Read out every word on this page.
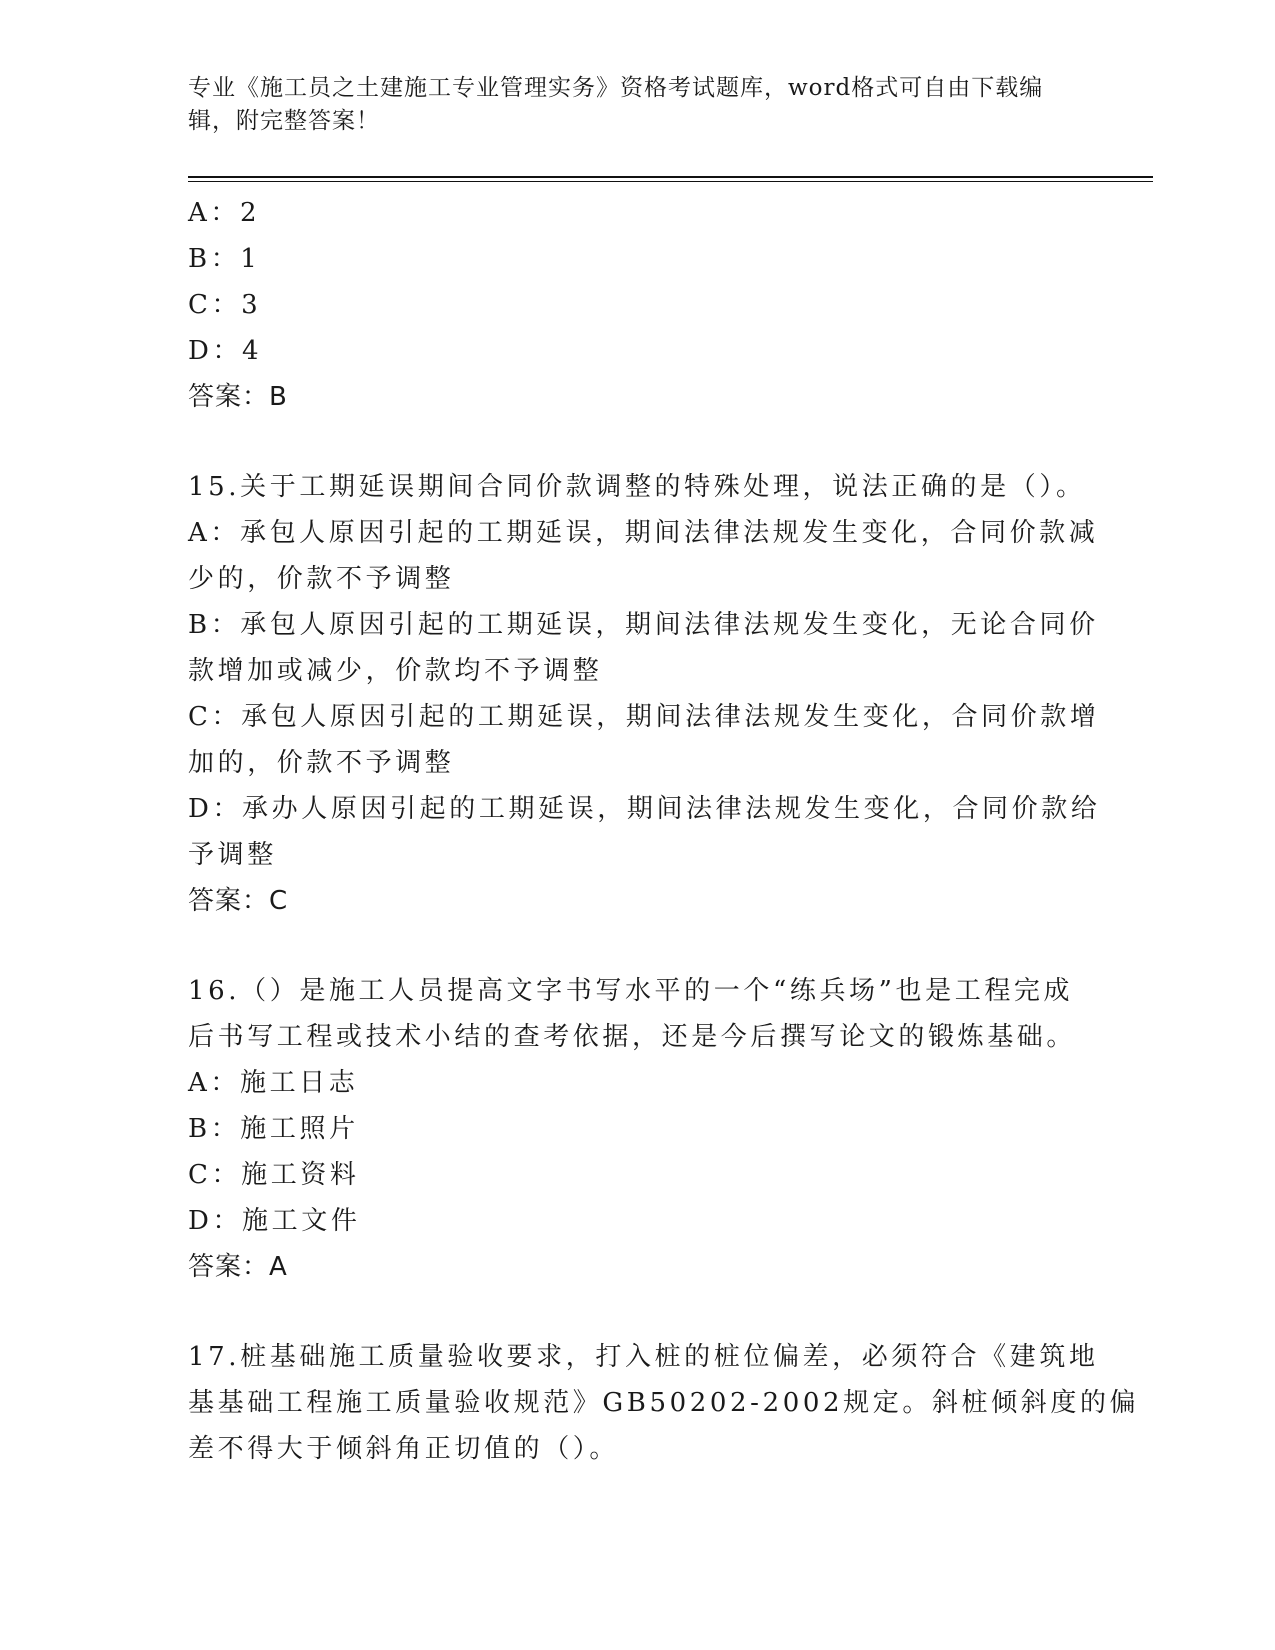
专业《施工员之土建施工专业管理实务》资格考试题库，word格式可自由下载编辑，附完整答案！
A：2
B：1
C：3
D：4
答案：B
15.关于工期延误期间合同价款调整的特殊处理，说法正确的是（）。
A：承包人原因引起的工期延误，期间法律法规发生变化，合同价款减
少的，价款不予调整
B：承包人原因引起的工期延误，期间法律法规发生变化，无论合同价
款增加或减少，价款均不予调整
C：承包人原因引起的工期延误，期间法律法规发生变化，合同价款增
加的，价款不予调整
D：承办人原因引起的工期延误，期间法律法规发生变化，合同价款给
予调整
答案：C
16.（）是施工人员提高文字书写水平的一个“练兵场”也是工程完成
后书写工程或技术小结的查考依据，还是今后撰写论文的锻炼基础。
A：施工日志
B：施工照片
C：施工资料
D：施工文件
答案：A
17.桩基础施工质量验收要求，打入桩的桩位偏差，必须符合《建筑地
基基础工程施工质量验收规范》GB50202-2002规定。斜桩倾斜度的偏
差不得大于倾斜角正切值的（）。
